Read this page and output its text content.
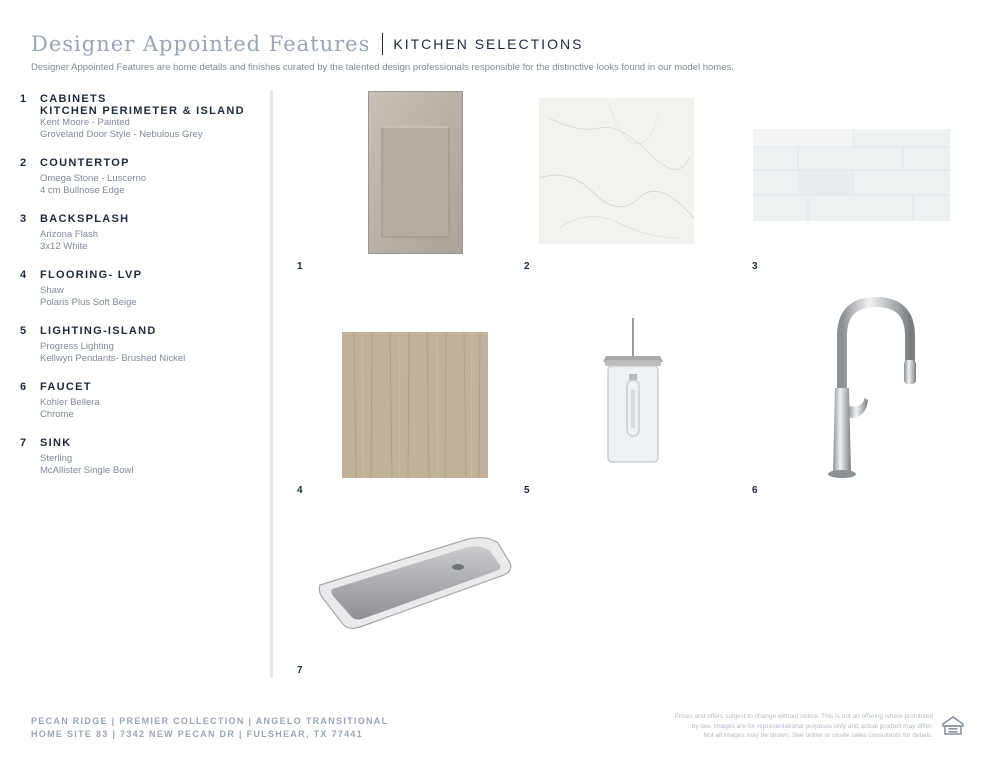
Designer Appointed Features KITCHEN SELECTIONS
Designer Appointed Features are home details and finishes curated by the talented design professionals responsible for the distinctive looks found in our model homes.
1 CABINETS
KITCHEN PERIMETER & ISLAND
Kent Moore - Painted
Groveland Door Style - Nebulous Grey
2 COUNTERTOP
Omega Stone - Luscerno
4 cm Bullnose Edge
3 BACKSPLASH
Arizona Flash
3x12 White
4 FLOORING- LVP
Shaw
Polaris Plus Soft Beige
5 LIGHTING-ISLAND
Progress Lighting
Kellwyn Pendants- Brushed Nickel
6 FAUCET
Kohler Bellera
Chrome
7 SINK
Sterling
McAllister Single Bowl
1	2	3
4	5	6
7
PECAN RIDGE | PREMIER COLLECTION | ANGELO TRANSITIONAL
HOME SITE 83 | 7342 NEW PECAN DR | FULSHEAR, TX 77441
Prices and offers subject to change without notice. This is not an offering where prohibited
by law. Images are for representational purposes only and actual product may differ.
Not all images may be shown. See online or onsite sales consultants for details.
